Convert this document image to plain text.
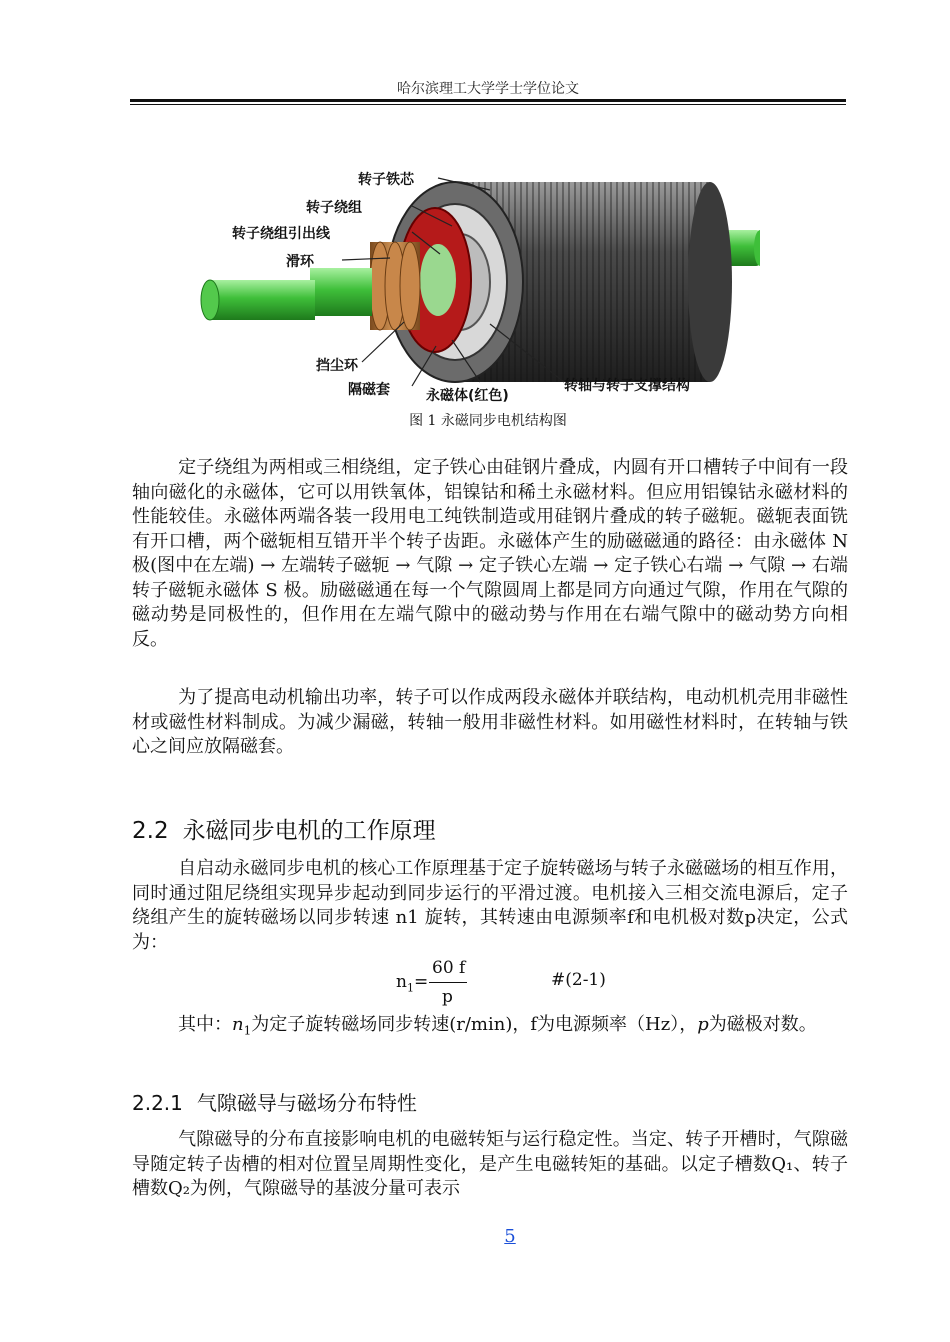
哈尔滨理工大学学士学位论文
转子铁芯
转子绕组
转子绕组引出线
滑环
挡尘环
隔磁套	永磁体(红色)
转轴与转子支撑结构
图 1 永磁同步电机结构图
定子绕组为两相或三相绕组，定子铁心由硅钢片叠成，内圆有开口槽转子中间有一段轴向磁化的永磁体，它可以用铁氧体，铝镍钴和稀土永磁材料。但应用铝镍钴永磁材料的性能较佳。永磁体两端各装一段用电工纯铁制造或用硅钢片叠成的转子磁轭。磁轭表面铣有开口槽，两个磁轭相互错开半个转子齿距。永磁体产生的励磁磁通的路径：由永磁体 N 极(图中在左端) → 左端转子磁轭 → 气隙 → 定子铁心左端 → 定子铁心右端 → 气隙 → 右端转子磁轭永磁体 S 极。励磁磁通在每一个气隙圆周上都是同方向通过气隙，作用在气隙的磁动势是同极性的，但作用在左端气隙中的磁动势与作用在右端气隙中的磁动势方向相反。
为了提高电动机输出功率，转子可以作成两段永磁体并联结构，电动机机壳用非磁性材或磁性材料制成。为减少漏磁，转轴一般用非磁性材料。如用磁性材料时，在转轴与铁心之间应放隔磁套。
2.2 永磁同步电机的工作原理
自启动永磁同步电机的核心工作原理基于定子旋转磁场与转子永磁磁场的相互作用，同时通过阻尼绕组实现异步起动到同步运行的平滑过渡。电机接入三相交流电源后，定子绕组产生的旋转磁场以同步转速 n1 旋转，其转速由电源频率f和电机极对数p决定，公式为：
$n_1=$
60 f
p
#(2-1)
其中：$n_1$为定子旋转磁场同步转速(r/min)，f为电源频率（Hz），p为磁极对数。
2.2.1 气隙磁导与磁场分布特性
气隙磁导的分布直接影响电机的电磁转矩与运行稳定性。当定、转子开槽时，气隙磁导随定转子齿槽的相对位置呈周期性变化，是产生电磁转矩的基础。以定子槽数Q₁、转子槽数Q₂为例，气隙磁导的基波分量可表示
5
